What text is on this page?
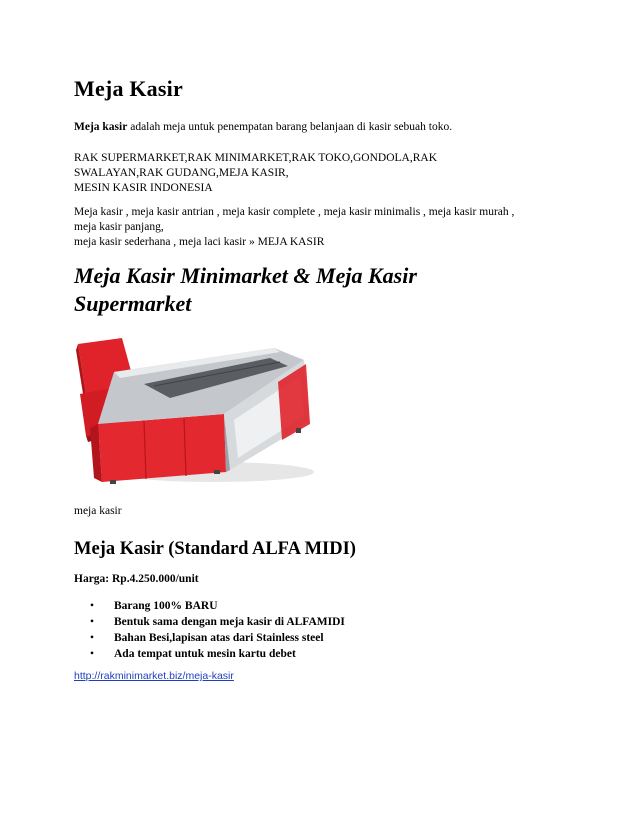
Meja Kasir

Meja kasir adalah meja untuk penempatan barang belanjaan di kasir sebuah toko.

RAK SUPERMARKET,RAK MINIMARKET,RAK TOKO,GONDOLA,RAK
SWALAYAN,RAK GUDANG,MEJA KASIR,
MESIN KASIR INDONESIA

Meja kasir , meja kasir antrian , meja kasir complete , meja kasir minimalis , meja kasir murah ,
meja kasir panjang,
meja kasir sederhana , meja laci kasir » MEJA KASIR

Meja Kasir Minimarket & Meja Kasir
Supermarket

meja kasir

Meja Kasir (Standard ALFA MIDI)

Harga: Rp.4.250.000/unit

• Barang 100% BARU
• Bentuk sama dengan meja kasir di ALFAMIDI
• Bahan Besi,lapisan atas dari Stainless steel
• Ada tempat untuk mesin kartu debet
http://rakminimarket.biz/meja-kasir
